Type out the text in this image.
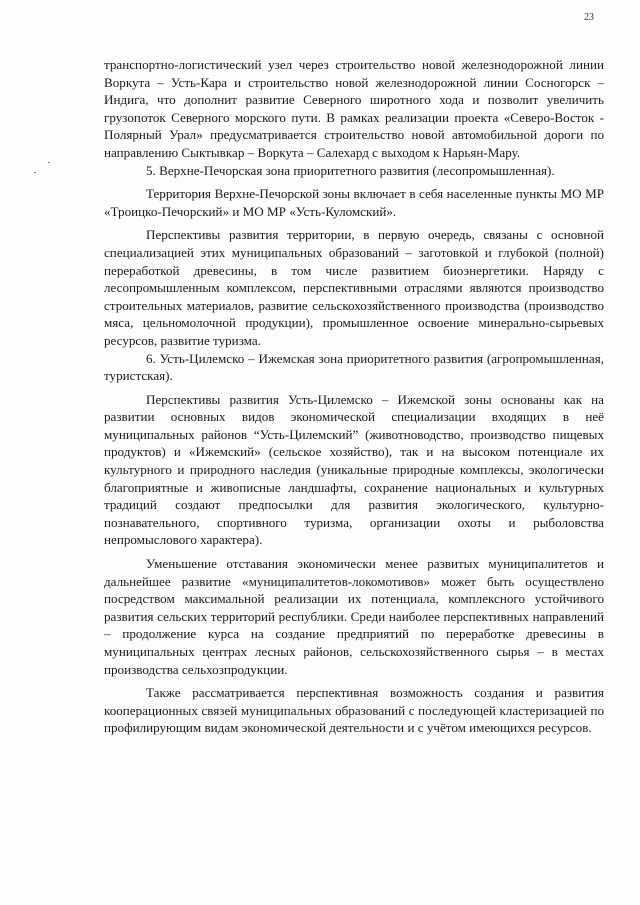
23

транспортно-логистический узел через строительство новой железнодорожной линии Воркута – Усть-Кара и строительство новой железнодорожной линии Сосногорск – Индига, что дополнит развитие Северного широтного хода и позволит увеличить грузопоток Северного морского пути. В рамках реализации проекта «Северо-Восток - Полярный Урал» предусматривается строительство новой автомобильной дороги по направлению Сыктывкар – Воркута – Салехард с выходом к Нарьян-Мару.

5. Верхне-Печорская зона приоритетного развития (лесопромышленная).

Территория Верхне-Печорской зоны включает в себя населенные пункты МО МР «Троицко-Печорский» и МО МР «Усть-Куломский».

Перспективы развития территории, в первую очередь, связаны с основной специализацией этих муниципальных образований – заготовкой и глубокой (полной) переработкой древесины, в том числе развитием биоэнергетики. Наряду с лесопромышленным комплексом, перспективными отраслями являются производство строительных материалов, развитие сельскохозяйственного производства (производство мяса, цельномолочной продукции), промышленное освоение минерально-сырьевых ресурсов, развитие туризма.

6. Усть-Цилемско – Ижемская зона приоритетного развития (агропромышленная, туристская).

Перспективы развития Усть-Цилемско – Ижемской зоны основаны как на развитии основных видов экономической специализации входящих в неё муниципальных районов “Усть-Цилемский” (животноводство, производство пищевых продуктов) и «Ижемский» (сельское хозяйство), так и на высоком потенциале их культурного и природного наследия (уникальные природные комплексы, экологически благоприятные и живописные ландшафты, сохранение национальных и культурных традиций создают предпосылки для развития экологического, культурно-познавательного, спортивного туризма, организации охоты и рыболовства непромыслового характера).

Уменьшение отставания экономически менее развитых муниципалитетов и дальнейшее развитие «муниципалитетов-локомотивов» может быть осуществлено посредством максимальной реализации их потенциала, комплексного устойчивого развития сельских территорий республики. Среди наиболее перспективных направлений – продолжение курса на создание предприятий по переработке древесины в муниципальных центрах лесных районов, сельскохозяйственного сырья – в местах производства сельхозпродукции.

Также рассматривается перспективная возможность создания и развития кооперационных связей муниципальных образований с последующей кластеризацией по профилирующим видам экономической деятельности и с учётом имеющихся ресурсов.
